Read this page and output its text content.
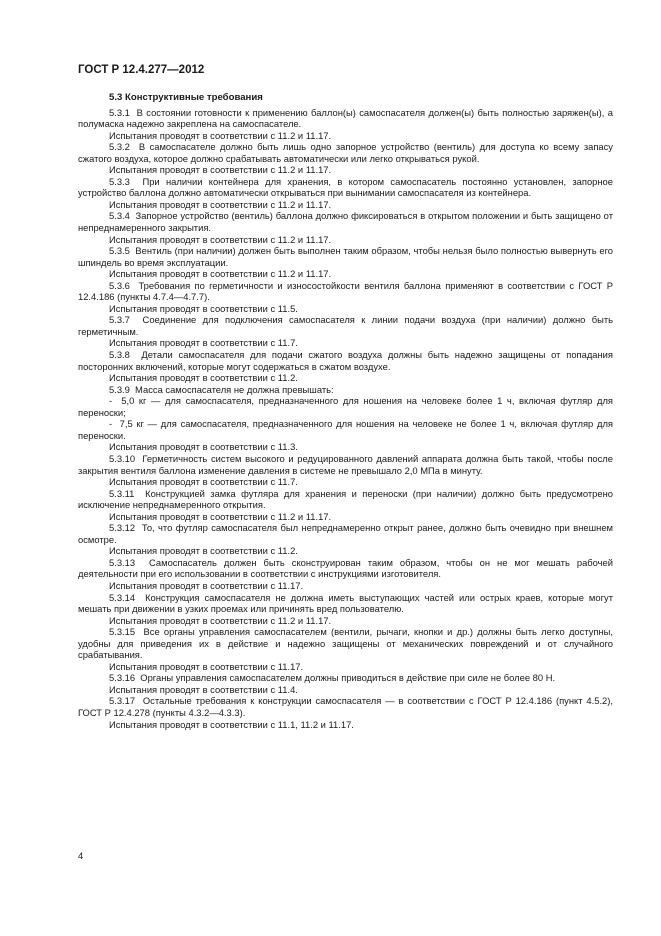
ГОСТ Р 12.4.277—2012
5.3 Конструктивные требования

5.3.1  В состоянии готовности к применению баллон(ы) самоспасателя должен(ы) быть полностью заряжен(ы), а полумаска надежно закреплена на самоспасателе.

Испытания проводят в соответствии с 11.2 и 11.17.

5.3.2  В самоспасателе должно быть лишь одно запорное устройство (вентиль) для доступа ко всему запасу сжатого воздуха, которое должно срабатывать автоматически или легко открываться рукой.

Испытания проводят в соответствии с 11.2 и 11.17.

5.3.3  При наличии контейнера для хранения, в котором самоспасатель постоянно установлен, запорное устройство баллона должно автоматически открываться при вынимании самоспасателя из контейнера.

Испытания проводят в соответствии с 11.2 и 11.17.

5.3.4  Запорное устройство (вентиль) баллона должно фиксироваться в открытом положении и быть защищено от непреднамеренного закрытия.

Испытания проводят в соответствии с 11.2 и 11.17.

5.3.5  Вентиль (при наличии) должен быть выполнен таким образом, чтобы нельзя было полностью вывернуть его шпиндель во время эксплуатации.

Испытания проводят в соответствии с 11.2 и 11.17.

5.3.6  Требования по герметичности и износостойкости вентиля баллона применяют в соответствии с ГОСТ Р 12.4.186 (пункты 4.7.4—4.7.7).

Испытания проводят в соответствии с 11.5.

5.3.7  Соединение для подключения самоспасателя к линии подачи воздуха (при наличии) должно быть герметичным.

Испытания проводят в соответствии с 11.7.

5.3.8  Детали самоспасателя для подачи сжатого воздуха должны быть надежно защищены от попадания посторонних включений, которые могут содержаться в сжатом воздухе.

Испытания проводят в соответствии с 11.2.

5.3.9  Масса самоспасателя не должна превышать:

-  5,0 кг — для самоспасателя, предназначенного для ношения на человеке более 1 ч, включая футляр для переноски;

-  7,5 кг — для самоспасателя, предназначенного для ношения на человеке не более 1 ч, включая футляр для переноски.

Испытания проводят в соответствии с 11.3.

5.3.10  Герметичность систем высокого и редуцированного давлений аппарата должна быть такой, чтобы после закрытия вентиля баллона изменение давления в системе не превышало 2,0 МПа в минуту.

Испытания проводят в соответствии с 11.7.

5.3.11  Конструкцией замка футляра для хранения и переноски (при наличии) должно быть предусмотрено исключение непреднамеренного открытия.

Испытания проводят в соответствии с 11.2 и 11.17.

5.3.12  То, что футляр самоспасателя был непреднамеренно открыт ранее, должно быть очевидно при внешнем осмотре.

Испытания проводят в соответствии с 11.2.

5.3.13  Самоспасатель должен быть сконструирован таким образом, чтобы он не мог мешать рабочей деятельности при его использовании в соответствии с инструкциями изготовителя.

Испытания проводят в соответствии с 11.17.

5.3.14  Конструкция самоспасателя не должна иметь выступающих частей или острых краев, которые могут мешать при движении в узких проемах или причинять вред пользователю.

Испытания проводят в соответствии с 11.2 и 11.17.

5.3.15  Все органы управления самоспасателем (вентили, рычаги, кнопки и др.) должны быть легко доступны, удобны для приведения их в действие и надежно защищены от механических повреждений и от случайного срабатывания.

Испытания проводят в соответствии с 11.17.

5.3.16  Органы управления самоспасателем должны приводиться в действие при силе не более 80 Н.

Испытания проводят в соответствии с 11.4.

5.3.17  Остальные требования к конструкции самоспасателя — в соответствии с ГОСТ Р 12.4.186 (пункт 4.5.2), ГОСТ Р 12.4.278 (пункты 4.3.2—4.3.3).

Испытания проводят в соответствии с 11.1, 11.2 и 11.17.

4
